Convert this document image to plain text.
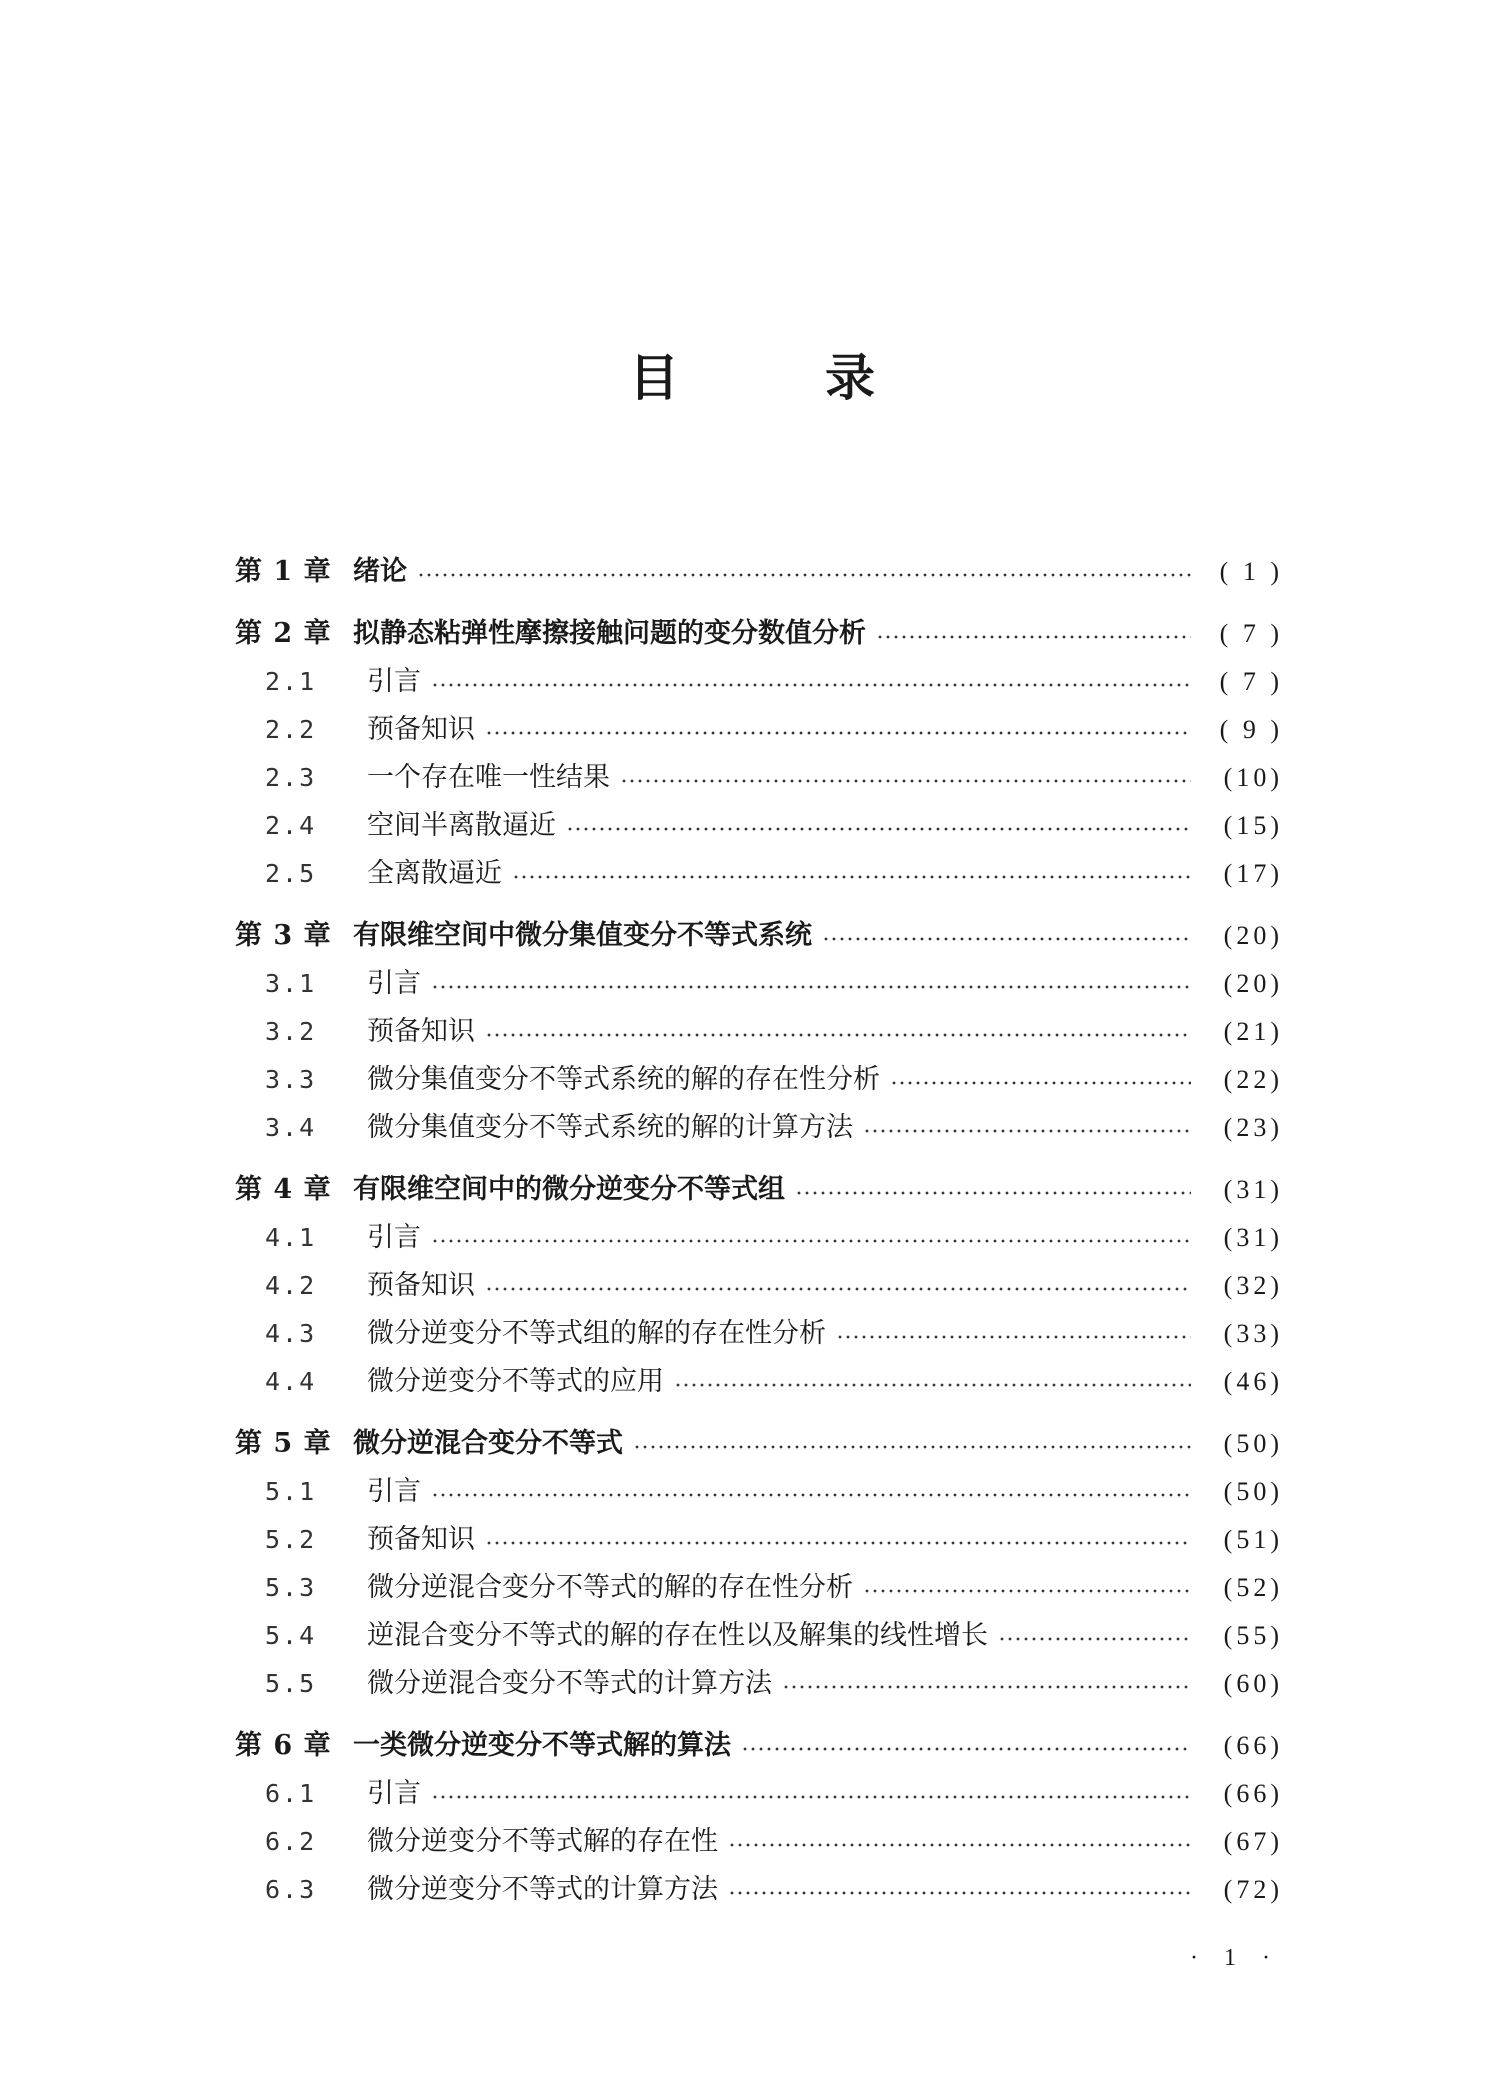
目　录
第 1 章 绪论	( 1 )
第 2 章 拟静态粘弹性摩擦接触问题的变分数值分析	( 7 )
2.1	引言	( 7 )
2.2	预备知识	( 9 )
2.3	一个存在唯一性结果	(10)
2.4	空间半离散逼近	(15)
2.5	全离散逼近	(17)
第 3 章 有限维空间中微分集值变分不等式系统	(20)
3.1	引言	(20)
3.2	预备知识	(21)
3.3	微分集值变分不等式系统的解的存在性分析	(22)
3.4	微分集值变分不等式系统的解的计算方法	(23)
第 4 章 有限维空间中的微分逆变分不等式组	(31)
4.1	引言	(31)
4.2	预备知识	(32)
4.3	微分逆变分不等式组的解的存在性分析	(33)
4.4	微分逆变分不等式的应用	(46)
第 5 章 微分逆混合变分不等式	(50)
5.1	引言	(50)
5.2	预备知识	(51)
5.3	微分逆混合变分不等式的解的存在性分析	(52)
5.4	逆混合变分不等式的解的存在性以及解集的线性增长	(55)
5.5	微分逆混合变分不等式的计算方法	(60)
第 6 章 一类微分逆变分不等式解的算法	(66)
6.1	引言	(66)
6.2	微分逆变分不等式解的存在性	(67)
6.3	微分逆变分不等式的计算方法	(72)
· 1 ·
